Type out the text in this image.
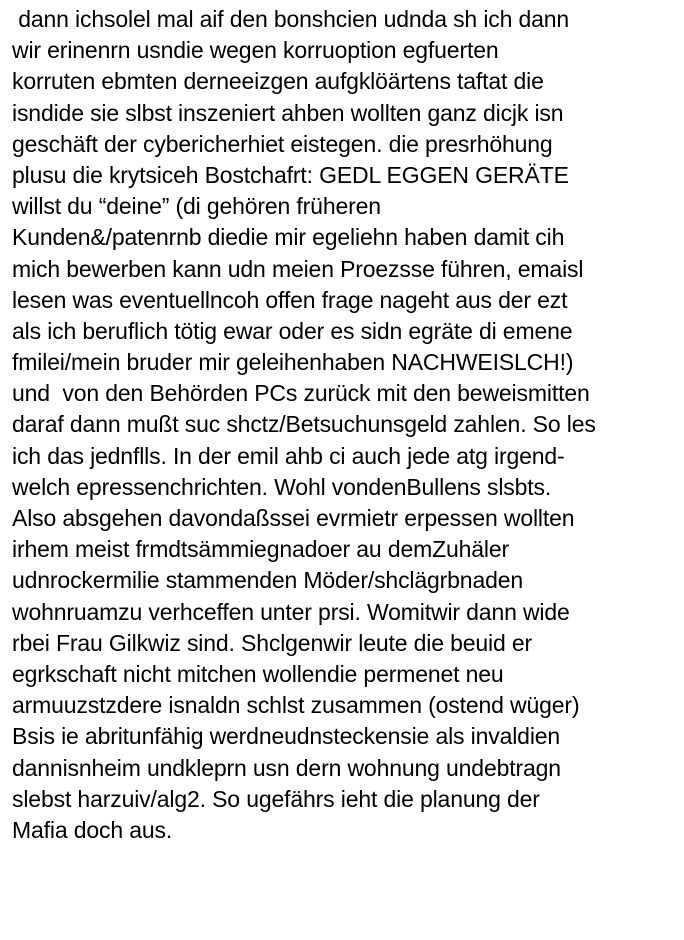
dann ichsolel mal aif den bonshcien udnda sh ich dann
wir erinenrn usndie wegen korruoption egfuerten
korruten ebmten derneeizgen aufgklöärtens taftat die
isndide sie slbst inszeniert ahben wollten ganz dicjk isn
geschäft der cybericherhiet eistegen. die presrhöhung
plusu die krytsiceh Bostchafrt: GEDL EGGEN GERÄTE
willst du “deine” (di gehören früheren
Kunden&/patenrnb diedie mir egeliehn haben damit cih
mich bewerben kann udn meien Proezsse führen, emaisl
lesen was eventuellncoh offen frage nageht aus der ezt
als ich beruflich tötig ewar oder es sidn egräte di emene
fmilei/mein bruder mir geleihenhaben NACHWEISLCH!)
und  von den Behörden PCs zurück mit den beweismitten
daraf dann mußt suc shctz/Betsuchunsgeld zahlen. So les
ich das jednflls. In der emil ahb ci auch jede atg irgend-
welch epressenchrichten. Wohl vondenBullens slsbts.
Also absgehen davondaßssei evrmietr erpessen wollten
irhem meist frmdtsämmiegnadoer au demZuhäler
udnrockermilie stammenden Möder/shclägrbnaden
wohnruamzu verhceffen unter prsi. Womitwir dann wide
rbei Frau Gilkwiz sind. Shclgenwir leute die beuid er
egrkschaft nicht mitchen wollendie permenet neu
armuuzstzdere isnaldn schlst zusammen (ostend wüger)
Bsis ie abritunfähig werdneudnsteckensie als invaldien
dannisnheim undkleprn usn dern wohnung undebtragn
slebst harzuiv/alg2. So ugefährs ieht die planung der
Mafia doch aus.
